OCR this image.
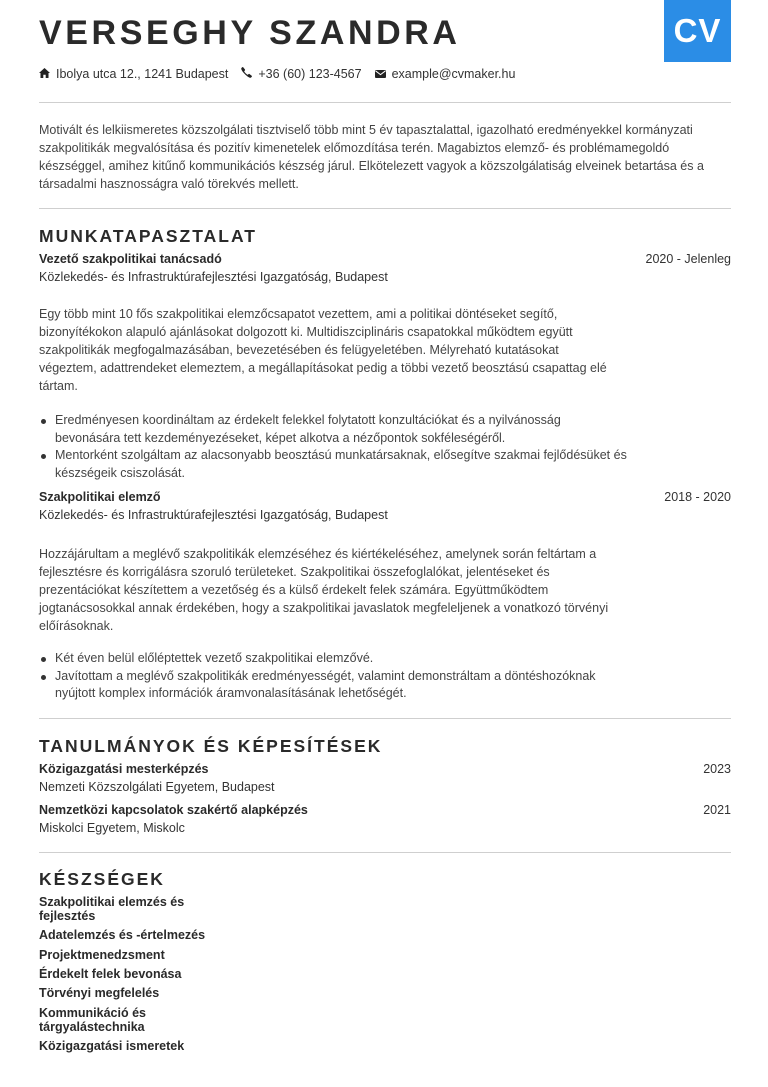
CV
VERSEGHY SZANDRA
Ibolya utca 12., 1241 Budapest +36 (60) 123-4567 example@cvmaker.hu

Motivált és lelkiismeretes közszolgálati tisztviselő több mint 5 év tapasztalattal, igazolható eredményekkel kormányzati szakpolitikák megvalósítása és pozitív kimenetelek előmozdítása terén. Magabiztos elemző- és problémamegoldó készséggel, amihez kitűnő kommunikációs készség járul. Elkötelezett vagyok a közszolgálatiság elveinek betartása és a társadalmi hasznosságra való törekvés mellett.

MUNKATAPASZTALAT
Vezető szakpolitikai tanácsadó	2020 - Jelenleg
Közlekedés- és Infrastruktúrafejlesztési Igazgatóság, Budapest

Egy több mint 10 fős szakpolitikai elemzőcsapatot vezettem, ami a politikai döntéseket segítő, bizonyítékokon alapuló ajánlásokat dolgozott ki. Multidiszciplináris csapatokkal működtem együtt szakpolitikák megfogalmazásában, bevezetésében és felügyeletében. Mélyreható kutatásokat végeztem, adattrendeket elemeztem, a megállapításokat pedig a többi vezető beosztású csapattag elé tártam.

Eredményesen koordináltam az érdekelt felekkel folytatott konzultációkat és a nyilvánosság bevonására tett kezdeményezéseket, képet alkotva a nézőpontok sokféleségéről.
Mentorként szolgáltam az alacsonyabb beosztású munkatársaknak, elősegítve szakmai fejlődésüket és készségeik csiszolását.
Szakpolitikai elemző	2018 - 2020
Közlekedés- és Infrastruktúrafejlesztési Igazgatóság, Budapest

Hozzájárultam a meglévő szakpolitikák elemzéséhez és kiértékeléséhez, amelynek során feltártam a fejlesztésre és korrigálásra szoruló területeket. Szakpolitikai összefoglalókat, jelentéseket és prezentációkat készítettem a vezetőség és a külső érdekelt felek számára. Együttműködtem jogtanácsosokkal annak érdekében, hogy a szakpolitikai javaslatok megfeleljenek a vonatkozó törvényi előírásoknak.

Két éven belül előléptettek vezető szakpolitikai elemzővé.
Javítottam a meglévő szakpolitikák eredményességét, valamint demonstráltam a döntéshozóknak nyújtott komplex információk áramvonalasításának lehetőségét.
TANULMÁNYOK ÉS KÉPESÍTÉSEK
Közigazgatási mesterképzés	2023
Nemzeti Közszolgálati Egyetem, Budapest
Nemzetközi kapcsolatok szakértő alapképzés	2021
Miskolci Egyetem, Miskolc
KÉSZSÉGEK
Szakpolitikai elemzés és fejlesztés
Adatelemzés és -értelmezés
Projektmenedzsment
Érdekelt felek bevonása
Törvényi megfelelés
Kommunikáció és tárgyalástechnika
Közigazgatási ismeretek
